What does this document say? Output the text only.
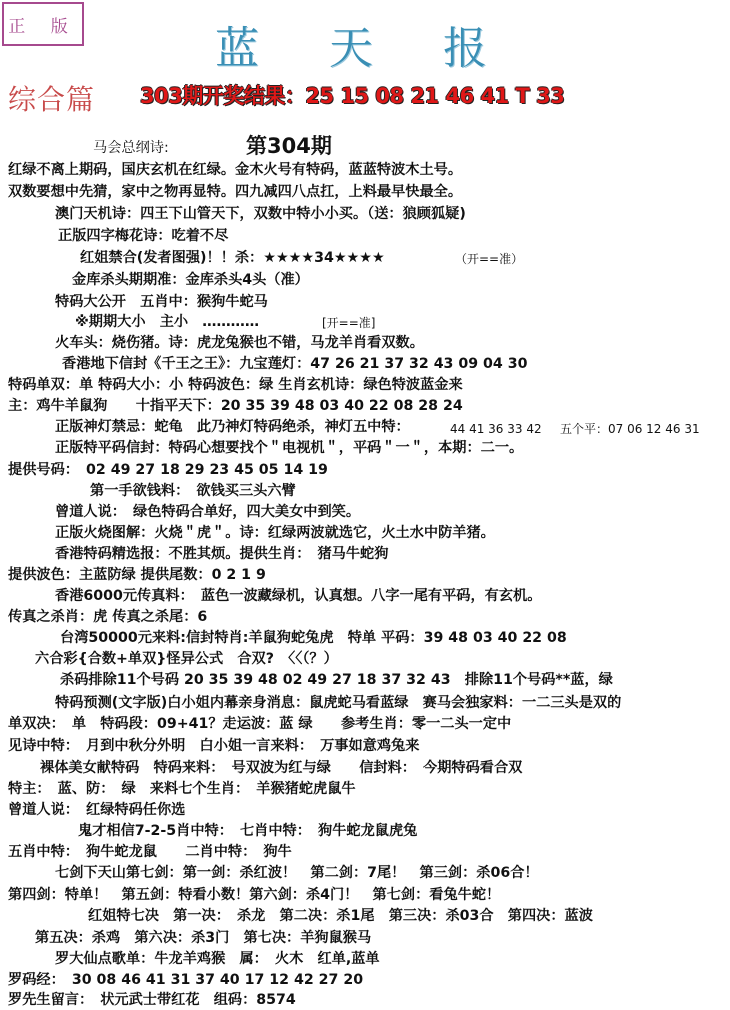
正 版	蓝 天 报
综合篇 303期开奖结果：25 15 08 21 46 41 T 33
第304期
马会总纲诗:
红绿不离上期码，国庆玄机在红绿。金木火号有特码，蓝蓝特波木土号。
双数要想中先猜，家中之物再显特。四九减四八点扛，上料最早快最全。
澳门天机诗：四王下山管天下，双数中特小小买。（送：狼顾狐疑)
正版四字梅花诗：吃着不尽
红姐禁合(发者图强)！！杀：★★★★34★★★★	（开==准）
金库杀头期期准：金库杀头4头（准）
特码大公开　五肖中：猴狗牛蛇马
※期期大小　主小　…………	[开==准]
火车头：烧伤猪。诗：虎龙兔猴也不错，马龙羊肖看双数。
香港地下信封《千王之王》：九宝莲灯：47 26 21 37 32 43 09 04 30
特码单双：单 特码大小：小 特码波色：绿 生肖玄机诗：绿色特波蓝金来
主：鸡牛羊鼠狗　　十指平天下：20 35 39 48 03 40 22 08 28 24
正版神灯禁忌：蛇龟　此乃神灯特码绝杀，神灯五中特：	44 41 36 33 42 五个平：07 06 12 46 31
正版特平码信封：特码心想要找个＂电视机＂，平码＂一＂，本期：二一。
提供号码：　02 49 27 18 29 23 45 05 14 19
第一手欲钱料：　欲钱买三头六臂
曾道人说：　绿色特码合单好，四大美女中到笑。
正版火烧图解：火烧＂虎＂。诗：红绿两波就选它，火土水中防羊猪。
香港特码精选报：不胜其烦。提供生肖：　猪马牛蛇狗
提供波色：主蓝防绿 提供尾数：0 2 1 9
香港6000元传真料：　蓝色一波藏绿机，认真想。八字一尾有平码，有玄机。
传真之杀肖：虎 传真之杀尾：6
台湾50000元来料:信封特肖:羊鼠狗蛇兔虎　特单 平码：39 48 03 40 22 08
六合彩{合数+单双}怪异公式　合双?　〈〈（？）
杀码排除11个号码 20 35 39 48 02 49 27 18 37 32 43　排除11个号码**蓝，绿
特码预测(文字版)白小姐内幕亲身消息：鼠虎蛇马看蓝绿　赛马会独家料：一二三头是双的
单双决：　单　特码段：09+41？走运波：蓝 绿　　参考生肖：零一二头一定中
见诗中特：　月到中秋分外明　白小姐一言来料：　万事如意鸡兔来
裸体美女献特码　特码来料：　号双波为红与绿　　信封料：　今期特码看合双
特主：　蓝、防：　绿　来料七个生肖：　羊猴猪蛇虎鼠牛
曾道人说：　红绿特码任你选
鬼才相信7-2-5肖中特：　七肖中特：　狗牛蛇龙鼠虎兔
五肖中特：　狗牛蛇龙鼠　　二肖中特：　狗牛
七剑下天山第七剑：第一剑：杀红波！　第二剑：7尾！　第三剑：杀06合！
第四剑：特单！　第五剑：特看小数！第六剑：杀4门！　第七剑：看兔牛蛇！
红姐特七决　第一决：　杀龙　第二决：杀1尾　第三决：杀03合　第四决：蓝波
第五决：杀鸡　第六决：杀3门　第七决：羊狗鼠猴马
罗大仙点歌单：牛龙羊鸡猴　属：　火木　红单,蓝单
罗码经：　30 08 46 41 31 37 40 17 12 42 27 20
罗先生留言：　状元武士带红花　组码：8574
